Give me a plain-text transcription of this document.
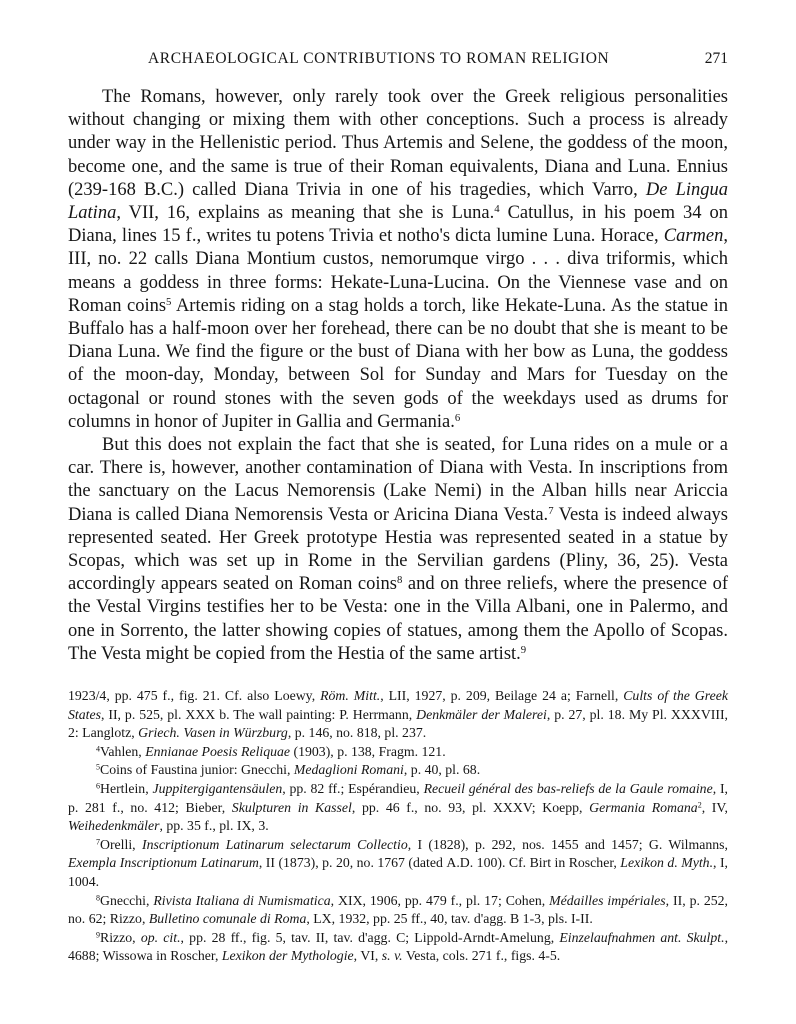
ARCHAEOLOGICAL CONTRIBUTIONS TO ROMAN RELIGION	271

The Romans, however, only rarely took over the Greek religious personalities without changing or mixing them with other conceptions. Such a process is already under way in the Hellenistic period. Thus Artemis and Selene, the goddess of the moon, become one, and the same is true of their Roman equivalents, Diana and Luna. Ennius (239-168 B.C.) called Diana Trivia in one of his tragedies, which Varro, De Lingua Latina, VII, 16, explains as meaning that she is Luna.$^4$ Catullus, in his poem 34 on Diana, lines 15 f., writes tu potens Trivia et notho's dicta lumine Luna. Horace, Carmen, III, no. 22 calls Diana Montium custos, nemorumque virgo . . . diva triformis, which means a goddess in three forms: Hekate-Luna-Lucina. On the Viennese vase and on Roman coins$^5$ Artemis riding on a stag holds a torch, like Hekate-Luna. As the statue in Buffalo has a half-moon over her forehead, there can be no doubt that she is meant to be Diana Luna. We find the figure or the bust of Diana with her bow as Luna, the goddess of the moon-day, Monday, between Sol for Sunday and Mars for Tuesday on the octagonal or round stones with the seven gods of the weekdays used as drums for columns in honor of Jupiter in Gallia and Germania.$^6$

But this does not explain the fact that she is seated, for Luna rides on a mule or a car. There is, however, another contamination of Diana with Vesta. In inscriptions from the sanctuary on the Lacus Nemorensis (Lake Nemi) in the Alban hills near Ariccia Diana is called Diana Nemorensis Vesta or Aricina Diana Vesta.$^7$ Vesta is indeed always represented seated. Her Greek prototype Hestia was represented seated in a statue by Scopas, which was set up in Rome in the Servilian gardens (Pliny, 36, 25). Vesta accordingly appears seated on Roman coins$^8$ and on three reliefs, where the presence of the Vestal Virgins testifies her to be Vesta: one in the Villa Albani, one in Palermo, and one in Sorrento, the latter showing copies of statues, among them the Apollo of Scopas. The Vesta might be copied from the Hestia of the same artist.$^9$

1923/4, pp. 475 f., fig. 21. Cf. also Loewy, Röm. Mitt., LII, 1927, p. 209, Beilage 24 a; Farnell, Cults of the Greek States, II, p. 525, pl. XXX b. The wall painting: P. Herrmann, Denkmäler der Malerei, p. 27, pl. 18. My Pl. XXXVIII, 2: Langlotz, Griech. Vasen in Würzburg, p. 146, no. 818, pl. 237.

$^4$Vahlen, Ennianae Poesis Reliquae (1903), p. 138, Fragm. 121.

$^5$Coins of Faustina junior: Gnecchi, Medaglioni Romani, p. 40, pl. 68.

$^6$Hertlein, Juppitergigantensäulen, pp. 82 ff.; Espérandieu, Recueil général des bas-reliefs de la Gaule romaine, I, p. 281 f., no. 412; Bieber, Skulpturen in Kassel, pp. 46 f., no. 93, pl. XXXV; Koepp, Germania Romana$^2$, IV, Weihedenkmäler, pp. 35 f., pl. IX, 3.

$^7$Orelli, Inscriptionum Latinarum selectarum Collectio, I (1828), p. 292, nos. 1455 and 1457; G. Wilmanns, Exempla Inscriptionum Latinarum, II (1873), p. 20, no. 1767 (dated A.D. 100). Cf. Birt in Roscher, Lexikon d. Myth., I, 1004.

$^8$Gnecchi, Rivista Italiana di Numismatica, XIX, 1906, pp. 479 f., pl. 17; Cohen, Médailles impériales, II, p. 252, no. 62; Rizzo, Bulletino comunale di Roma, LX, 1932, pp. 25 ff., 40, tav. d'agg. B 1-3, pls. I-II.

$^9$Rizzo, op. cit., pp. 28 ff., fig. 5, tav. II, tav. d'agg. C; Lippold-Arndt-Amelung, Einzelaufnahmen ant. Skulpt., 4688; Wissowa in Roscher, Lexikon der Mythologie, VI, s. v. Vesta, cols. 271 f., figs. 4-5.
